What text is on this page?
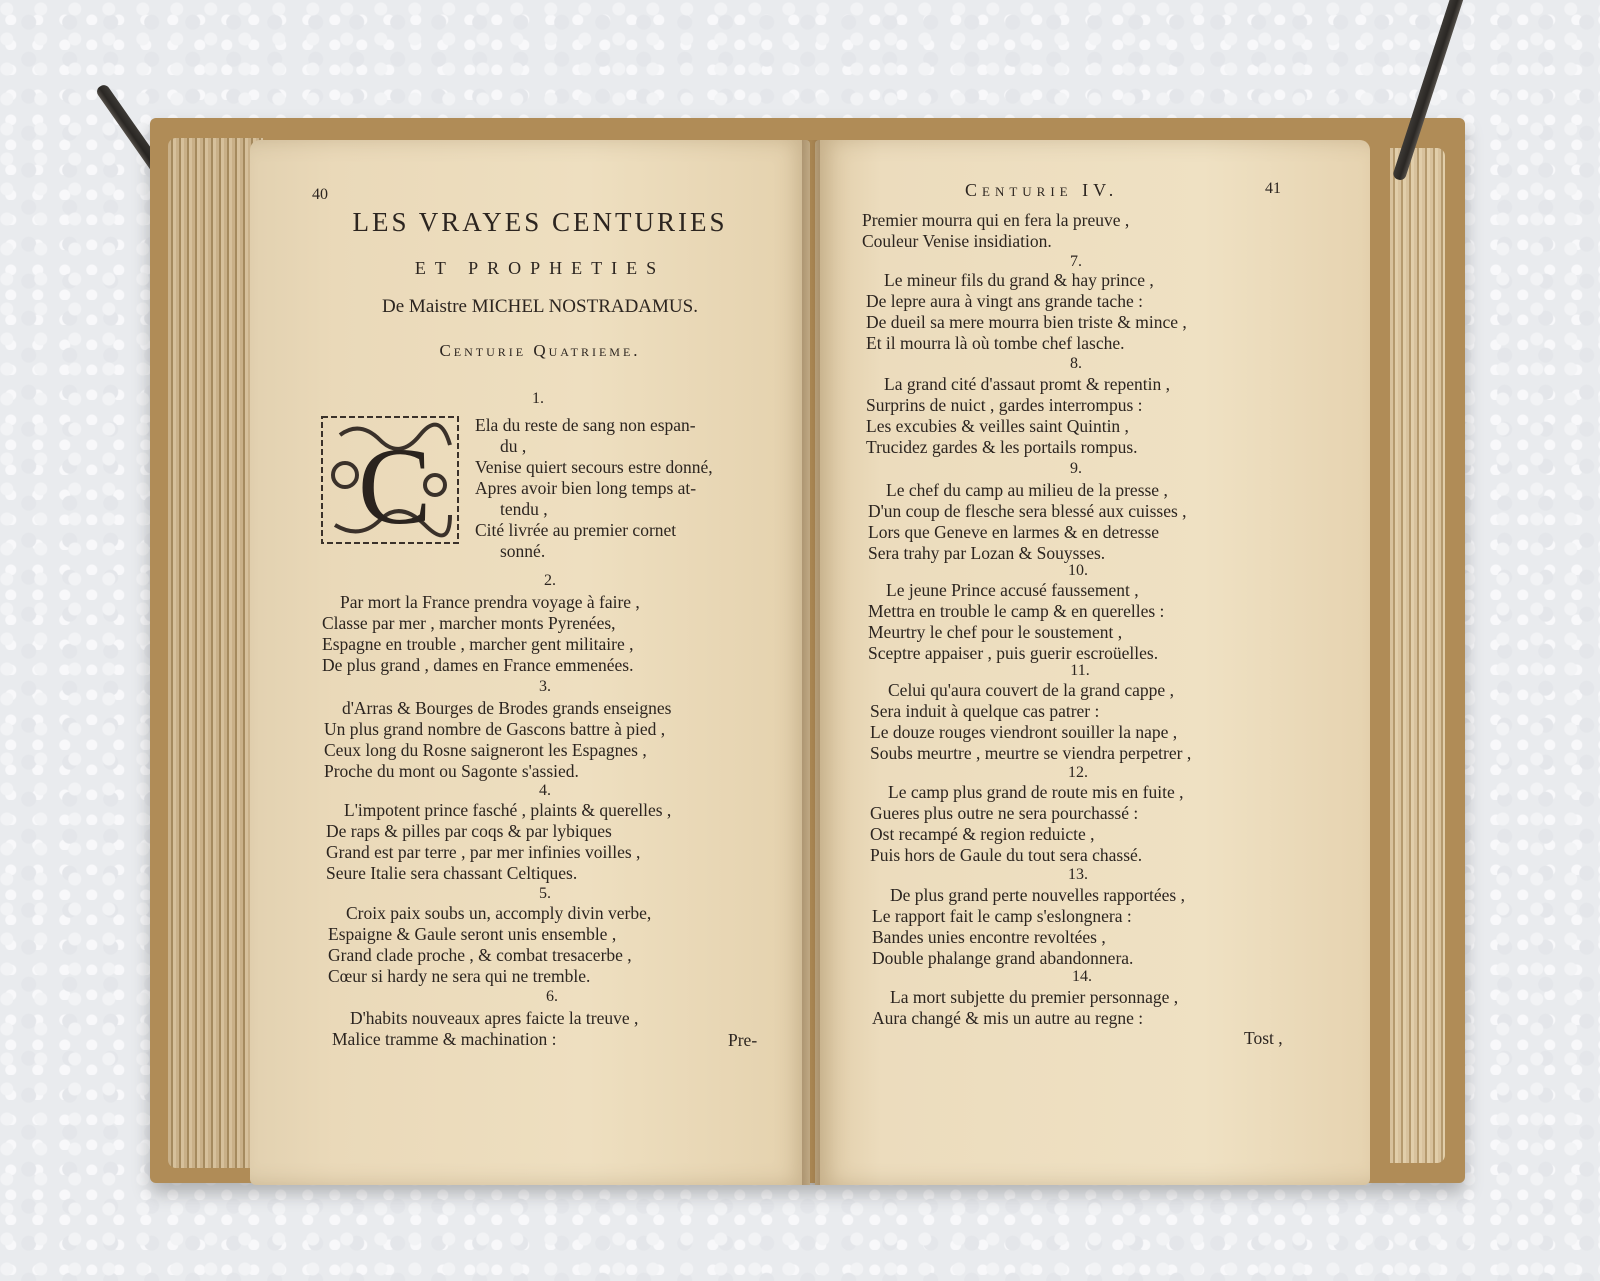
40
LES VRAYES CENTURIES
ET PROPHETIES
De Maistre MICHEL NOSTRADAMUS.
Centurie Quatrieme.
C
1.
Ela du reste de sang non espan-
du ,
Venise quiert secours estre donné,
Apres avoir bien long temps at-
tendu ,
Cité livrée au premier cornet
sonné.
2.
Par mort la France prendra voyage à faire ,
Classe par mer , marcher monts Pyrenées,
Espagne en trouble , marcher gent militaire ,
De plus grand , dames en France emmenées.
3.
d'Arras & Bourges de Brodes grands enseignes
Un plus grand nombre de Gascons battre à pied ,
Ceux long du Rosne saigneront les Espagnes ,
Proche du mont ou Sagonte s'assied.
4.
L'impotent prince fasché , plaints & querelles ,
De raps & pilles par coqs & par lybiques
Grand est par terre , par mer infinies voilles ,
Seure Italie sera chassant Celtiques.
5.
Croix paix soubs un, accomply divin verbe,
Espaigne & Gaule seront unis ensemble ,
Grand clade proche , & combat tresacerbe ,
Cœur si hardy ne sera qui ne tremble.
6.
D'habits nouveaux apres faicte la treuve ,
Malice tramme & machination :	Pre-
Centurie IV.	41
Premier mourra qui en fera la preuve ,
Couleur Venise insidiation.
7.
Le mineur fils du grand & hay prince ,
De lepre aura à vingt ans grande tache :
De dueil sa mere mourra bien triste & mince ,
Et il mourra là où tombe chef lasche.
8.
La grand cité d'assaut promt & repentin ,
Surprins de nuict , gardes interrompus :
Les excubies & veilles saint Quintin ,
Trucidez gardes & les portails rompus.
9.
Le chef du camp au milieu de la presse ,
D'un coup de flesche sera blessé aux cuisses ,
Lors que Geneve en larmes & en detresse
Sera trahy par Lozan & Souysses.
10.
Le jeune Prince accusé faussement ,
Mettra en trouble le camp & en querelles :
Meurtry le chef pour le soustement ,
Sceptre appaiser , puis guerir escroüelles.
11.
Celui qu'aura couvert de la grand cappe ,
Sera induit à quelque cas patrer :
Le douze rouges viendront souiller la nape ,
Soubs meurtre , meurtre se viendra perpetrer ,
12.
Le camp plus grand de route mis en fuite ,
Gueres plus outre ne sera pourchassé :
Ost recampé & region reduicte ,
Puis hors de Gaule du tout sera chassé.
13.
De plus grand perte nouvelles rapportées ,
Le rapport fait le camp s'eslongnera :
Bandes unies encontre revoltées ,
Double phalange grand abandonnera.
14.
La mort subjette du premier personnage ,
Aura changé & mis un autre au regne :
Tost ,
